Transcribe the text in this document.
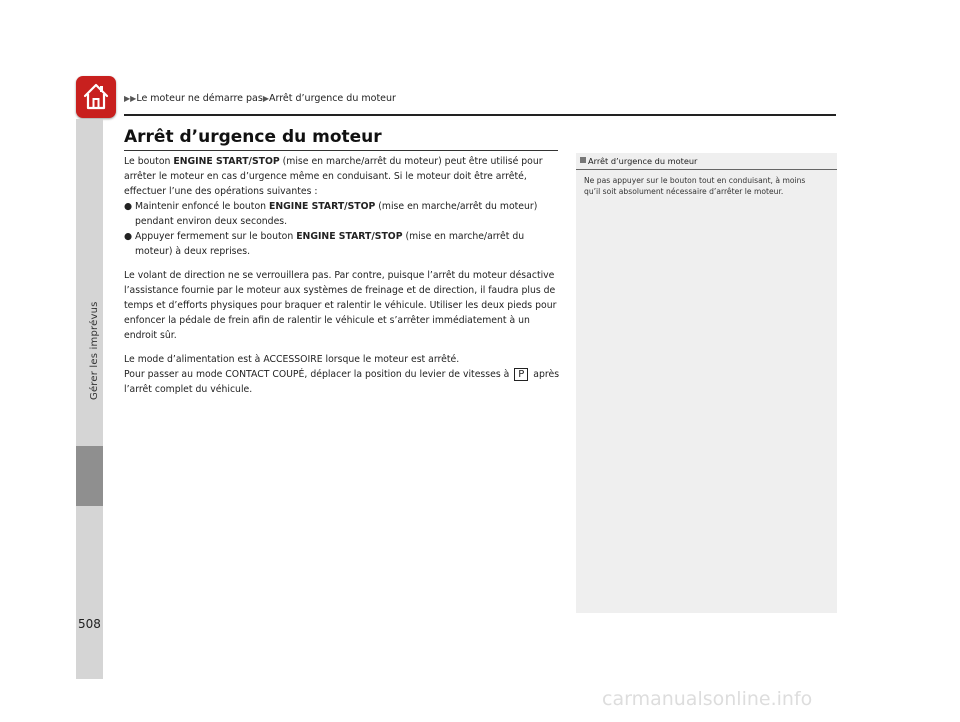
Gérer les imprévus
▶▶Le moteur ne démarre pas▶Arrêt d’urgence du moteur
Arrêt d’urgence du moteur

Le bouton ENGINE START/STOP (mise en marche/arrêt du moteur) peut être utilisé pour arrêter le moteur en cas d’urgence même en conduisant. Si le moteur doit être arrêté, effectuer l’une des opérations suivantes :

● Maintenir enfoncé le bouton ENGINE START/STOP (mise en marche/arrêt du moteur) pendant environ deux secondes.
● Appuyer fermement sur le bouton ENGINE START/STOP (mise en marche/arrêt du moteur) à deux reprises.

Le volant de direction ne se verrouillera pas. Par contre, puisque l’arrêt du moteur désactive l’assistance fournie par le moteur aux systèmes de freinage et de direction, il faudra plus de temps et d’efforts physiques pour braquer et ralentir le véhicule. Utiliser les deux pieds pour enfoncer la pédale de frein afin de ralentir le véhicule et s’arrêter immédiatement à un endroit sûr.

Le mode d’alimentation est à ACCESSOIRE lorsque le moteur est arrêté.

Pour passer au mode CONTACT COUPÉ, déplacer la position du levier de vitesses à P après l’arrêt complet du véhicule.

Arrêt d’urgence du moteur
Ne pas appuyer sur le bouton tout en conduisant, à moins qu’il soit absolument nécessaire d’arrêter le moteur.
508
carmanualsonline.info
